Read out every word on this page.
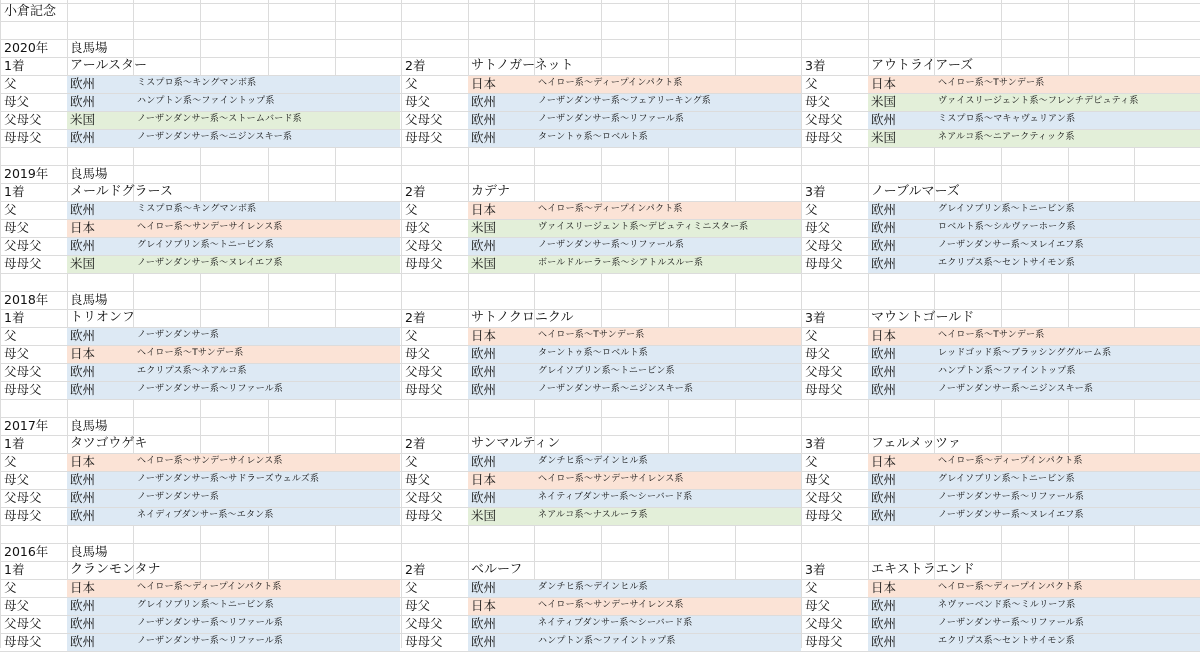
小倉記念
2020年 良馬場
1着	アールスター
父	欧州	ミスプロ系～キングマンボ系
母父	欧州	ハンプトン系～ファイントップ系
父母父 米国	ノーザンダンサー系～ストームバード系
母母父 欧州	ノーザンダンサー系～ニジンスキー系
2着	サトノガーネット
父	日本	ヘイロー系～ディープインパクト系
母父	欧州	ノーザンダンサー系～フェアリーキング系
父母父 欧州	ノーザンダンサー系～リファール系
母母父 欧州	ターントゥ系～ロベルト系
3着	アウトライアーズ
父	日本	ヘイロー系～Tサンデー系
母父	米国	ヴァイスリージェント系～フレンチデピュティ系
父母父 欧州	ミスプロ系～マキャヴェリアン系
母母父 米国	ネアルコ系～ニアークティック系
2019年 良馬場
1着	メールドグラース
父	欧州	ミスプロ系～キングマンボ系
母父	日本	ヘイロー系～サンデーサイレンス系
父母父 欧州	グレイソブリン系～トニービン系
母母父 米国	ノーザンダンサー系～ヌレイエフ系
2着	カデナ
父	日本	ヘイロー系～ディープインパクト系
母父	米国	ヴァイスリージェント系～デピュティミニスター系
父母父 欧州	ノーザンダンサー系～リファール系
母母父 米国	ボールドルーラー系～シアトルスルー系
3着	ノーブルマーズ
父	欧州	グレイソブリン系～トニービン系
母父	欧州	ロベルト系～シルヴァーホーク系
父母父 欧州	ノーザンダンサー系～ヌレイエフ系
母母父 欧州	エクリプス系～セントサイモン系
2018年 良馬場
1着	トリオンフ
父	欧州	ノーザンダンサー系
母父	日本	ヘイロー系～Tサンデー系
父母父 欧州	エクリプス系～ネアルコ系
母母父 欧州	ノーザンダンサー系～リファール系
2着	サトノクロニクル
父	日本	ヘイロー系～Tサンデー系
母父	欧州	ターントゥ系～ロベルト系
父母父 欧州	グレイソブリン系～トニービン系
母母父 欧州	ノーザンダンサー系～ニジンスキー系
3着	マウントゴールド
父	日本	ヘイロー系～Tサンデー系
母父	欧州	レッドゴッド系～ブラッシンググルーム系
父母父 欧州	ハンプトン系～ファイントップ系
母母父 欧州	ノーザンダンサー系～ニジンスキー系
2017年 良馬場
1着	タツゴウゲキ
父	日本	ヘイロー系～サンデーサイレンス系
母父	欧州	ノーザンダンサー系～サドラーズウェルズ系
父母父 欧州	ノーザンダンサー系
母母父 欧州	ネイディブダンサー系～エタン系
2着	サンマルティン
父	欧州	ダンチヒ系～デインヒル系
母父	日本	ヘイロー系～サンデーサイレンス系
父母父 欧州	ネイティブダンサー系～シーバード系
母母父 米国	ネアルコ系～ナスルーラ系
3着	フェルメッツァ
父	日本	ヘイロー系～ディープインパクト系
母父	欧州	グレイソブリン系～トニービン系
父母父 欧州	ノーザンダンサー系～リファール系
母母父 欧州	ノーザンダンサー系～ヌレイエフ系
2016年 良馬場
1着	クランモンタナ
父	日本	ヘイロー系～ディープインパクト系
母父	欧州	グレイソブリン系～トニービン系
父母父 欧州	ノーザンダンサー系～リファール系
母母父 欧州	ノーザンダンサー系～リファール系
2着	ベルーフ
父	欧州	ダンチヒ系～デインヒル系
母父	日本	ヘイロー系～サンデーサイレンス系
父母父 欧州	ネイティブダンサー系～シーバード系
母母父 欧州	ハンプトン系～ファイントップ系
3着	エキストラエンド
父	日本	ヘイロー系～ディープインパクト系
母父	欧州	ネヴァーベンド系～ミルリーフ系
父母父 欧州	ノーザンダンサー系～リファール系
母母父 欧州	エクリプス系～セントサイモン系
